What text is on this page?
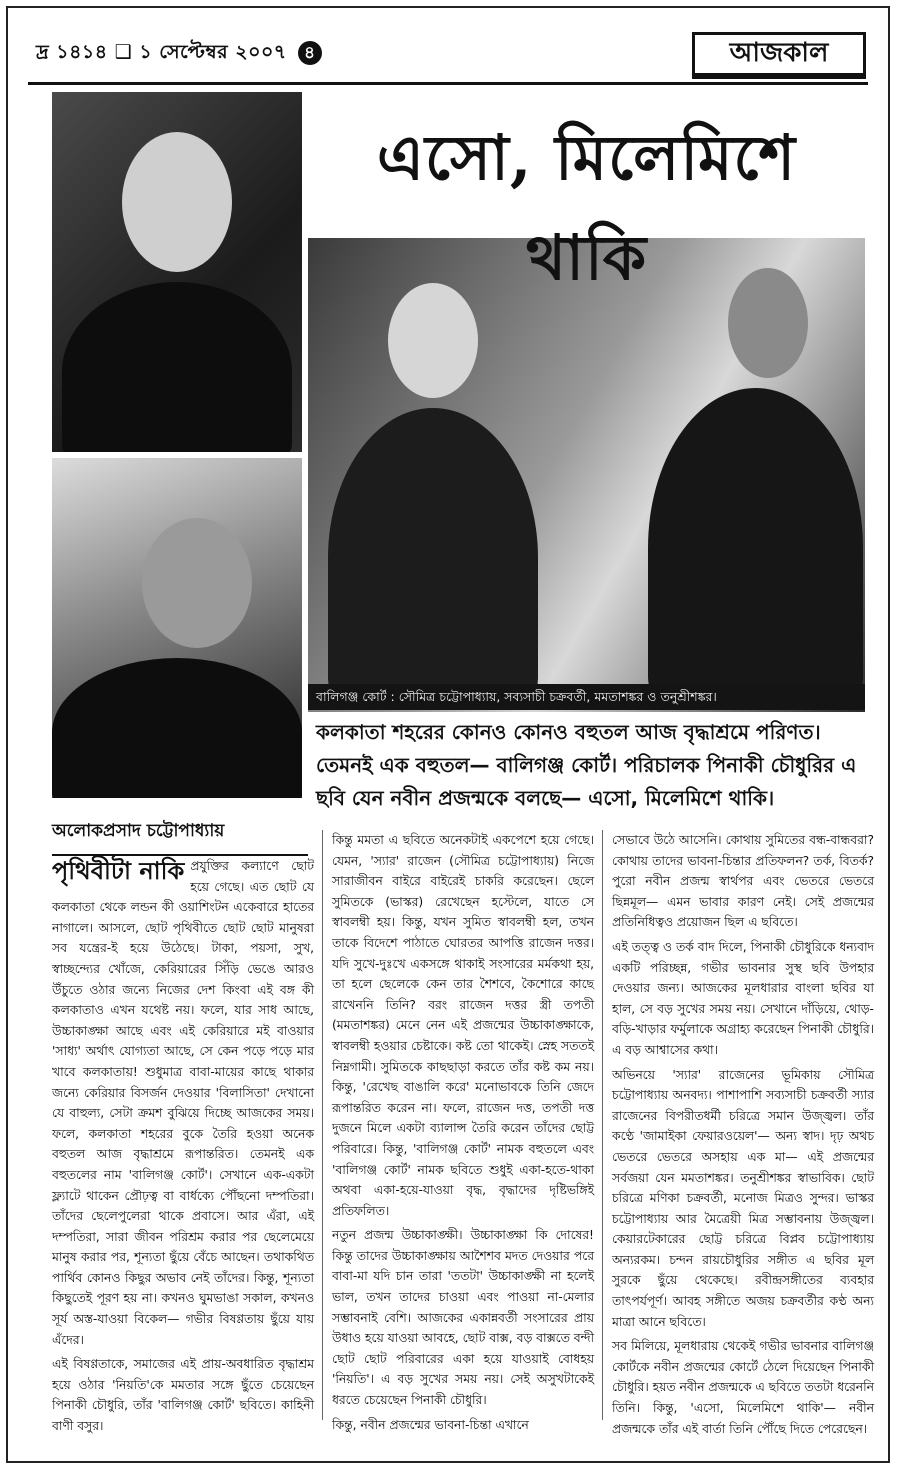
দ্র ১৪১৪ ❑ ১ সেপ্টেম্বর ২০০৭ ৪	আজকাল
এসো, মিলেমিশে থাকি
বালিগঞ্জ কোর্ট : সৌমিত্র চট্টোপাধ্যায়, সব্যসাচী চক্রবর্তী, মমতাশঙ্কর ও তনুশ্রীশঙ্কর।
কলকাতা শহরের কোনও কোনও বহুতল আজ বৃদ্ধাশ্রমে পরিণত। তেমনই এক বহুতল— বালিগঞ্জ কোর্ট। পরিচালক পিনাকী চৌধুরির এ ছবি যেন নবীন প্রজন্মকে বলছে— এসো, মিলেমিশে থাকি।
অলোকপ্রসাদ চট্টোপাধ্যায়

পৃথিবীটা নাকি প্রযুক্তির কল্যাণে ছোট হয়ে গেছে। এত ছোট যে কলকাতা থেকে লন্ডন কী ওয়াশিংটন একেবারে হাতের নাগালে। আসলে, ছোট পৃথিবীতে ছোট ছোট মানুষরা সব যন্ত্রের-ই হয়ে উঠেছে। টাকা, পয়সা, সুখ, স্বাচ্ছন্দ্যের খোঁজে, কেরিয়ারের সিঁড়ি ভেঙে আরও উঁচুতে ওঠার জন্যে নিজের দেশ কিংবা এই বঙ্গ কী কলকাতাও এখন যথেষ্ট নয়। ফলে, যার সাধ আছে, উচ্চাকাঙ্ক্ষা আছে এবং এই কেরিয়ারে মই বাওয়ার 'সাধ্য' অর্থাৎ যোগ্যতা আছে, সে কেন পড়ে পড়ে মার খাবে কলকাতায়! শুধুমাত্র বাবা-মায়ের কাছে থাকার জন্যে কেরিয়ার বিসর্জন দেওয়ার 'বিলাসিতা' দেখানো যে বাহুল্য, সেটা ক্রমশ বুঝিয়ে দিচ্ছে আজকের সময়। ফলে, কলকাতা শহরের বুকে তৈরি হওয়া অনেক বহুতল আজ বৃদ্ধাশ্রমে রূপান্তরিত। তেমনই এক বহুতলের নাম 'বালিগঞ্জ কোর্ট'। সেখানে এক-একটা ফ্ল্যাটে থাকেন প্রৌঢ়ত্ব বা বার্ধক্যে পৌঁছনো দম্পতিরা। তাঁদের ছেলেপুলেরা থাকে প্রবাসে। আর এঁরা, এই দম্পতিরা, সারা জীবন পরিশ্রম করার পর ছেলেমেয়ে মানুষ করার পর, শূন্যতা ছুঁয়ে বেঁচে আছেন। তথাকথিত পার্থিব কোনও কিছুর অভাব নেই তাঁদের। কিন্তু, শূন্যতা কিছুতেই পূরণ হয় না। কখনও ঘুমভাঙা সকাল, কখনও সূর্য অস্ত-যাওয়া বিকেল— গভীর বিষণ্ণতায় ছুঁয়ে যায় এঁদের।

এই বিষণ্ণতাকে, সমাজের এই প্রায়-অবধারিত বৃদ্ধাশ্রম হয়ে ওঠার 'নিয়তি'কে মমতার সঙ্গে ছুঁতে চেয়েছেন পিনাকী চৌধুরি, তাঁর 'বালিগঞ্জ কোর্ট' ছবিতে। কাহিনী বাণী বসুর।

কিন্তু মমতা এ ছবিতে অনেকটাই একপেশে হয়ে গেছে। যেমন, 'স্যার' রাজেন (সৌমিত্র চট্টোপাধ্যায়) নিজে সারাজীবন বাইরে বাইরেই চাকরি করেছেন। ছেলে সুমিতকে (ভাস্কর) রেখেছেন হস্টেলে, যাতে সে স্বাবলম্বী হয়। কিন্তু, যখন সুমিত স্বাবলম্বী হল, তখন তাকে বিদেশে পাঠাতে ঘোরতর আপত্তি রাজেন দত্তর। যদি সুখে-দুঃখে একসঙ্গে থাকাই সংসারের মর্মকথা হয়, তা হলে ছেলেকে কেন তার শৈশবে, কৈশোরে কাছে রাখেননি তিনি? বরং রাজেন দত্তর স্ত্রী তপতী (মমতাশঙ্কর) মেনে নেন এই প্রজন্মের উচ্চাকাঙ্ক্ষাকে, স্বাবলম্বী হওয়ার চেষ্টাকে। কষ্ট তো থাকেই। স্নেহ সততই নিম্নগামী। সুমিতকে কাছছাড়া করতে তাঁর কষ্ট কম নয়। কিন্তু, 'রেখেছ বাঙালি করে' মনোভাবকে তিনি জেদে রূপান্তরিত করেন না। ফলে, রাজেন দত্ত, তপতী দত্ত দুজনে মিলে একটা ব্যালান্স তৈরি করেন তাঁদের ছোট্ট পরিবারে। কিন্তু, 'বালিগঞ্জ কোর্ট' নামক বহুতলে এবং 'বালিগঞ্জ কোর্ট' নামক ছবিতে শুধুই একা-হতে-থাকা অথবা একা-হয়ে-যাওয়া বৃদ্ধ, বৃদ্ধাদের দৃষ্টিভঙ্গিই প্রতিফলিত।

নতুন প্রজন্ম উচ্চাকাঙ্ক্ষী। উচ্চাকাঙ্ক্ষা কি দোষের! কিন্তু তাদের উচ্চাকাঙ্ক্ষায় আশৈশব মদত দেওয়ার পরে বাবা-মা যদি চান তারা 'ততটা' উচ্চাকাঙ্ক্ষী না হলেই ভাল, তখন তাদের চাওয়া এবং পাওয়া না-মেলার সম্ভাবনাই বেশি। আজকের একান্নবর্তী সংসারের প্রায় উধাও হয়ে যাওয়া আবহে, ছোট বাক্স, বড় বাক্সতে বন্দী ছোট ছোট পরিবারের একা হয়ে যাওয়াই বোধহয় 'নিয়তি'। এ বড় সুখের সময় নয়। সেই অসুখটাকেই ধরতে চেয়েছেন পিনাকী চৌধুরি।

কিন্তু, নবীন প্রজন্মের ভাবনা-চিন্তা এখানে

সেভাবে উঠে আসেনি। কোথায় সুমিতের বন্ধ-বান্ধবরা? কোথায় তাদের ভাবনা-চিন্তার প্রতিফলন? তর্ক, বিতর্ক? পুরো নবীন প্রজন্ম স্বার্থপর এবং ভেতরে ভেতরে ছিন্নমূল— এমন ভাবার কারণ নেই। সেই প্রজন্মের প্রতিনিধিত্বও প্রয়োজন ছিল এ ছবিতে।

এই তত্ত্ব ও তর্ক বাদ দিলে, পিনাকী চৌধুরিকে ধন্যবাদ একটি পরিচ্ছন্ন, গভীর ভাবনার সুস্থ ছবি উপহার দেওয়ার জন্য। আজকের মূলধারার বাংলা ছবির যা হাল, সে বড় সুখের সময় নয়। সেখানে দাঁড়িয়ে, থোড়-বড়ি-খাড়ার ফর্মুলাকে অগ্রাহ্য করেছেন পিনাকী চৌধুরি। এ বড় আশ্বাসের কথা।

অভিনয়ে 'স্যার' রাজেনের ভূমিকায় সৌমিত্র চট্টোপাধ্যায় অনবদ্য। পাশাপাশি সব্যসাচী চক্রবর্তী স্যার রাজেনের বিপরীতধর্মী চরিত্রে সমান উজ্জ্বল। তাঁর কণ্ঠে 'জামাইকা ফেয়ারওয়েল'— অন্য স্বাদ। দৃঢ় অথচ ভেতরে ভেতরে অসহায় এক মা— এই প্রজন্মের সর্বজয়া যেন মমতাশঙ্কর। তনুশ্রীশঙ্কর স্বাভাবিক। ছোট চরিত্রে মণিকা চক্রবর্তী, মনোজ মিত্রও সুন্দর। ভাস্কর চট্টোপাধ্যায় আর মৈত্রেয়ী মিত্র সম্ভাবনায় উজ্জ্বল। কেয়ারটেকারের ছোট্ট চরিত্রে বিপ্লব চট্টোপাধ্যায় অন্যরকম। চন্দন রায়চৌধুরির সঙ্গীত এ ছবির মূল সুরকে ছুঁয়ে থেকেছে। রবীন্দ্রসঙ্গীতের ব্যবহার তাৎপর্যপূর্ণ। আবহ সঙ্গীতে অজয় চক্রবর্তীর কণ্ঠ অন্য মাত্রা আনে ছবিতে।

সব মিলিয়ে, মূলধারায় থেকেই গভীর ভাবনার বালিগঞ্জ কোর্টকে নবীন প্রজন্মের কোর্টে ঠেলে দিয়েছেন পিনাকী চৌধুরি। হয়ত নবীন প্রজন্মকে এ ছবিতে ততটা ধরেননি তিনি। কিন্তু, 'এসো, মিলেমিশে থাকি'— নবীন প্রজন্মকে তাঁর এই বার্তা তিনি পৌঁছে দিতে পেরেছেন।
